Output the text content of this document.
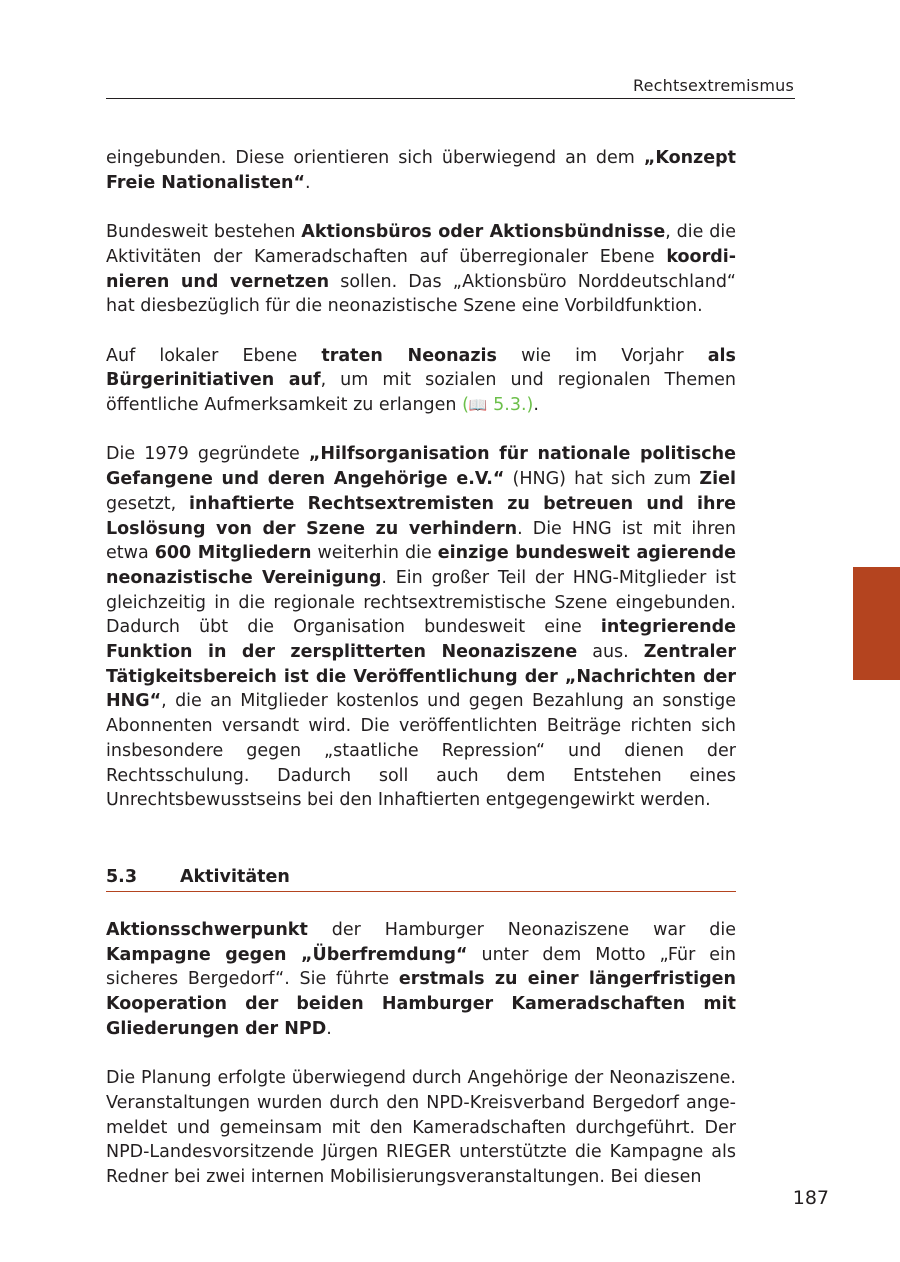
Rechtsextremismus

eingebunden. Diese orientieren sich überwiegend an dem „Konzept Freie Nationalisten“.

Bundesweit bestehen Aktionsbüros oder Aktionsbündnisse, die die Aktivitäten der Kameradschaften auf überregionaler Ebene koordinieren und vernetzen sollen. Das „Aktionsbüro Norddeutschland“ hat diesbezüglich für die neonazistische Szene eine Vorbildfunktion.

Auf lokaler Ebene traten Neonazis wie im Vorjahr als Bürgerinitiativen auf, um mit sozialen und regionalen Themen öffentliche Aufmerksamkeit zu erlangen (📖 5.3.).

Die 1979 gegründete „Hilfsorganisation für nationale politische Gefangene und deren Angehörige e.V.“ (HNG) hat sich zum Ziel gesetzt, inhaftierte Rechtsextremisten zu betreuen und ihre Loslösung von der Szene zu verhindern. Die HNG ist mit ihren etwa 600 Mitgliedern weiterhin die einzige bundesweit agierende neonazistische Vereinigung. Ein großer Teil der HNG-Mitglieder ist gleichzeitig in die regionale rechtsextremistische Szene eingebunden. Dadurch übt die Organisation bundesweit eine integrierende Funktion in der zersplitterten Neonaziszene aus. Zentraler Tätigkeitsbereich ist die Veröffentlichung der „Nachrichten der HNG“, die an Mitglieder kostenlos und gegen Bezahlung an sonstige Abonnenten versandt wird. Die veröffentlichten Beiträge richten sich insbesondere gegen „staatliche Repression“ und dienen der Rechtsschulung. Dadurch soll auch dem Entstehen eines Unrechtsbewusstseins bei den Inhaftierten entgegengewirkt werden.

5.3 Aktivitäten

Aktionsschwerpunkt der Hamburger Neonaziszene war die Kampagne gegen „Überfremdung“ unter dem Motto „Für ein sicheres Bergedorf“. Sie führte erstmals zu einer längerfristigen Kooperation der beiden Hamburger Kameradschaften mit Gliederungen der NPD.

Die Planung erfolgte überwiegend durch Angehörige der Neonaziszene. Veranstaltungen wurden durch den NPD-Kreisverband Bergedorf angemeldet und gemeinsam mit den Kameradschaften durchgeführt. Der NPD-Landesvorsitzende Jürgen RIEGER unterstützte die Kampagne als Redner bei zwei internen Mobilisierungsveranstaltungen. Bei diesen

187
